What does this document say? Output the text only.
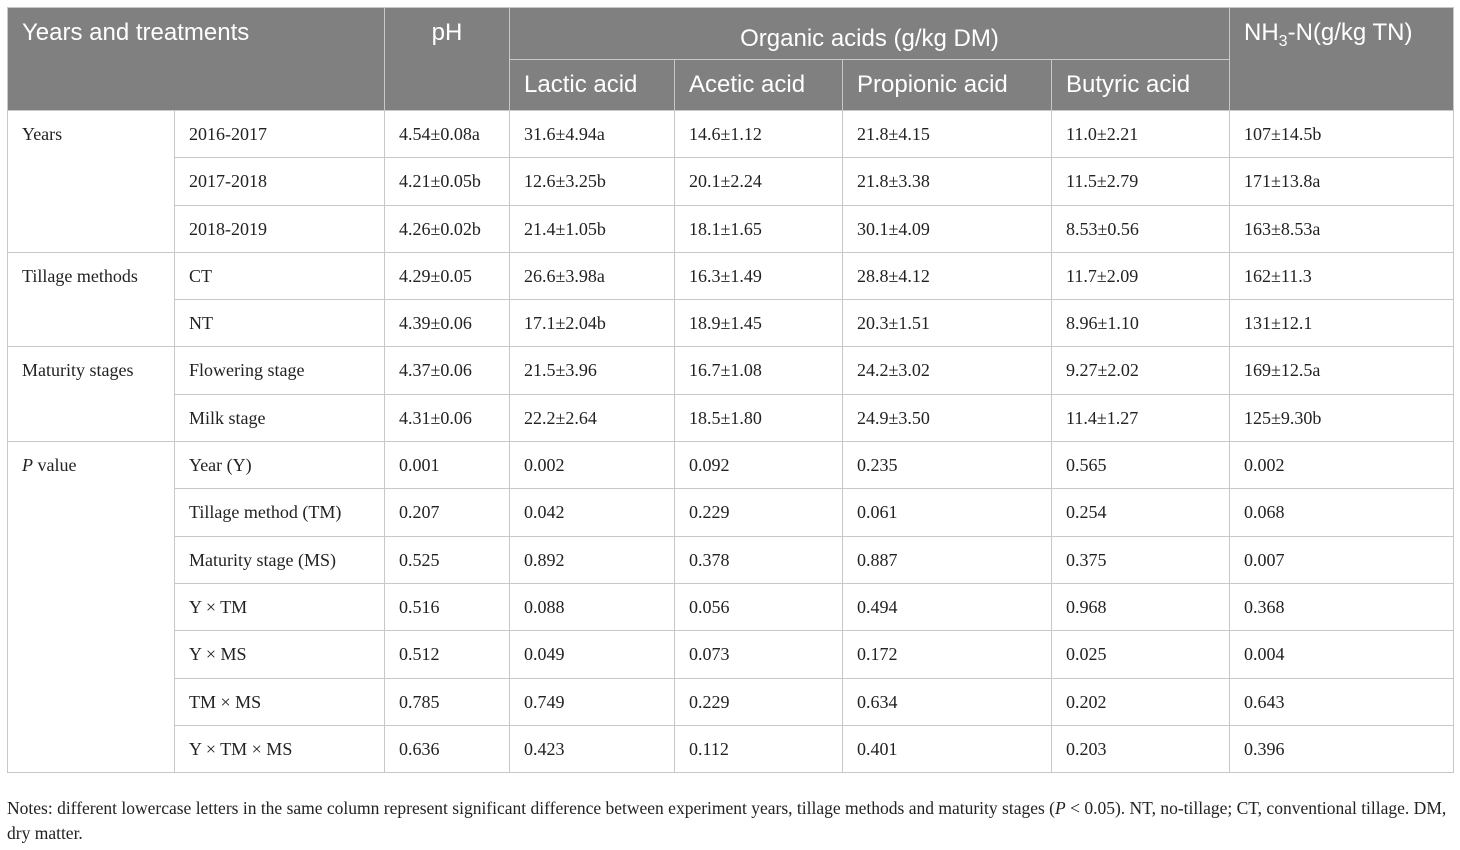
Years and treatments		pH	Organic acids (g/kg DM)				$NH_3-N(g/kg$ TN)
			Lactic acid	Acetic acid	Propionic acid	Butyric acid	
Years	2016-2017	4.54±0.08a	31.6±4.94a	14.6±1.12	21.8±4.15	11.0±2.21	107±14.5b
	2017-2018	4.21±0.05b	12.6±3.25b	20.1±2.24	21.8±3.38	11.5±2.79	171±13.8a
	2018-2019	4.26±0.02b	21.4±1.05b	18.1±1.65	30.1±4.09	8.53±0.56	163±8.53a
Tillage methods	CT	4.29±0.05	26.6±3.98a	16.3±1.49	28.8±4.12	11.7±2.09	162±11.3
	NT	4.39±0.06	17.1±2.04b	18.9±1.45	20.3±1.51	8.96±1.10	131±12.1
Maturity stages	Flowering stage	4.37±0.06	21.5±3.96	16.7±1.08	24.2±3.02	9.27±2.02	169±12.5a
	Milk stage	4.31±0.06	22.2±2.64	18.5±1.80	24.9±3.50	11.4±1.27	125±9.30b
P value	Year (Y)	0.001	0.002	0.092	0.235	0.565	0.002
	Tillage method (TM)	0.207	0.042	0.229	0.061	0.254	0.068
	Maturity stage (MS)	0.525	0.892	0.378	0.887	0.375	0.007
	Y × TM	0.516	0.088	0.056	0.494	0.968	0.368
	Y × MS	0.512	0.049	0.073	0.172	0.025	0.004
	TM × MS	0.785	0.749	0.229	0.634	0.202	0.643
	Y × TM × MS	0.636	0.423	0.112	0.401	0.203	0.396
Notes: different lowercase letters in the same column represent significant difference between experiment years, tillage methods and maturity stages (P < 0.05). NT, no-tillage; CT, conventional tillage. DM, dry matter.
